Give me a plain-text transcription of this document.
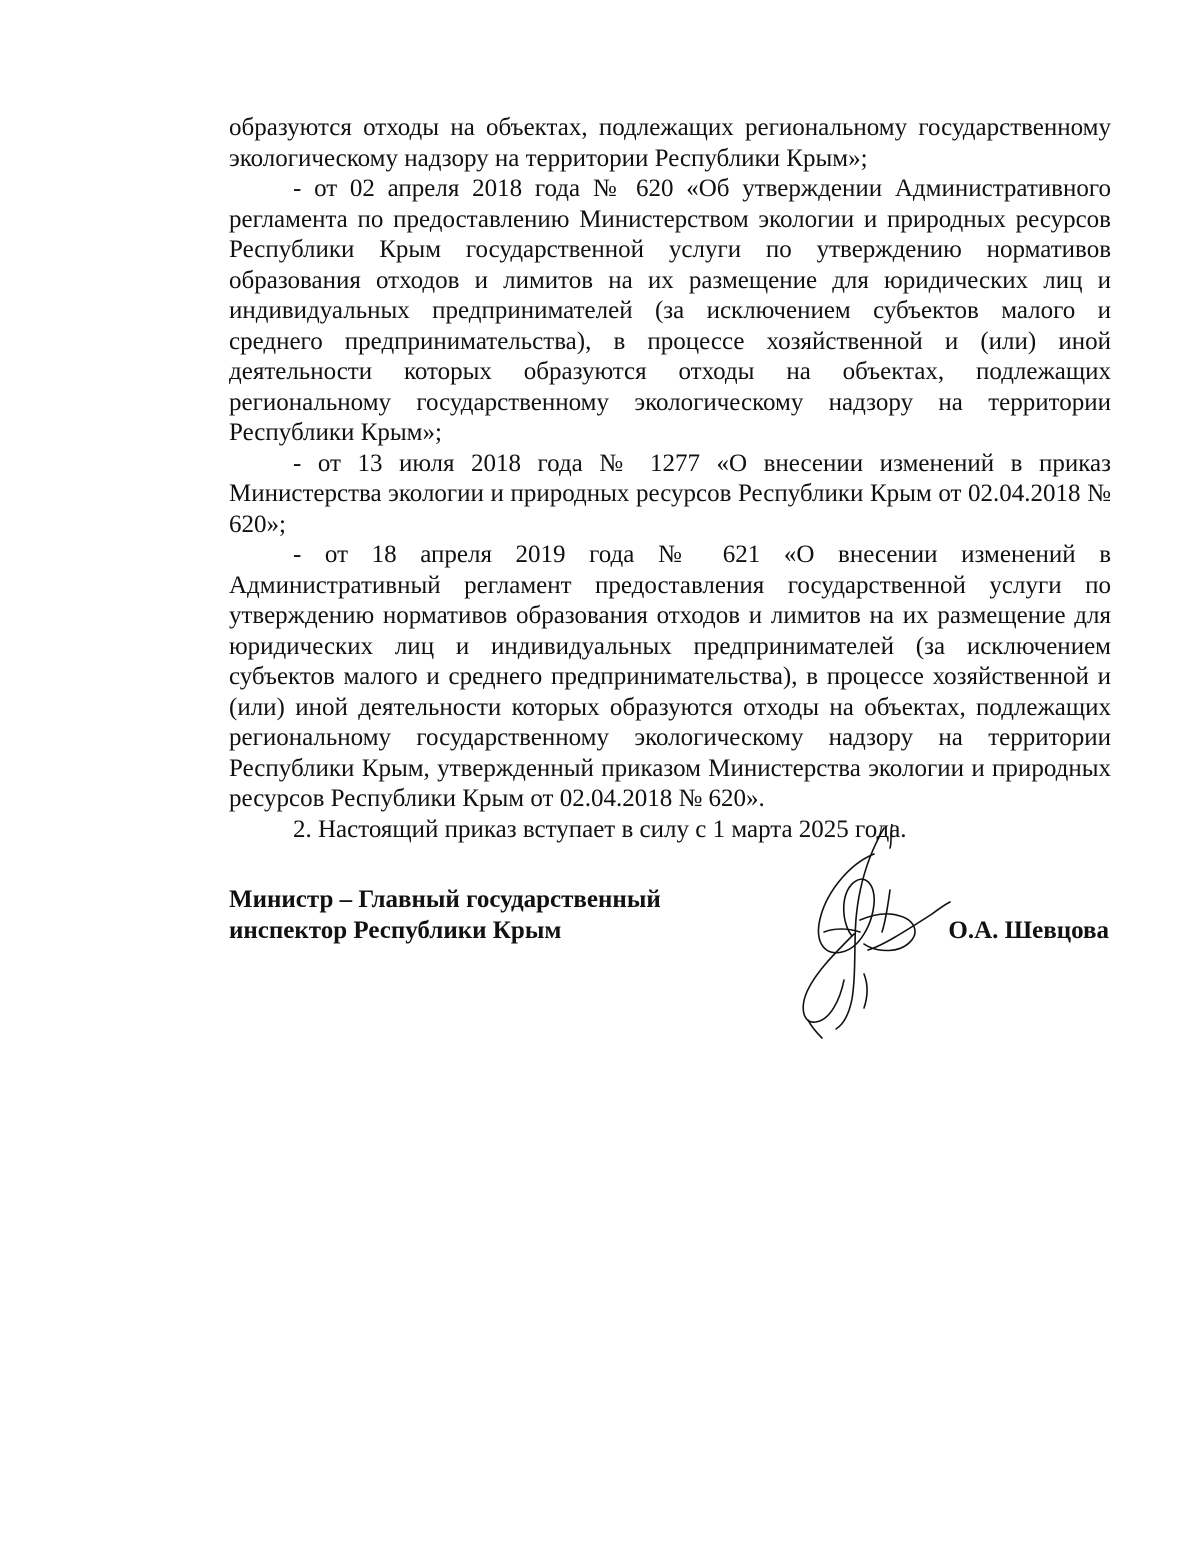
образуются отходы на объектах, подлежащих региональному государственному экологическому надзору на территории Республики Крым»;

- от 02 апреля 2018 года № 620 «Об утверждении Административного регламента по предоставлению Министерством экологии и природных ресурсов Республики Крым государственной услуги по утверждению нормативов образования отходов и лимитов на их размещение для юридических лиц и индивидуальных предпринимателей (за исключением субъектов малого и среднего предпринимательства), в процессе хозяйственной и (или) иной деятельности которых образуются отходы на объектах, подлежащих региональному государственному экологическому надзору на территории Республики Крым»;

- от 13 июля 2018 года № 1277 «О внесении изменений в приказ Министерства экологии и природных ресурсов Республики Крым от 02.04.2018 № 620»;

- от 18 апреля 2019 года № 621 «О внесении изменений в Административный регламент предоставления государственной услуги по утверждению нормативов образования отходов и лимитов на их размещение для юридических лиц и индивидуальных предпринимателей (за исключением субъектов малого и среднего предпринимательства), в процессе хозяйственной и (или) иной деятельности которых образуются отходы на объектах, подлежащих региональному государственному экологическому надзору на территории Республики Крым, утвержденный приказом Министерства экологии и природных ресурсов Республики Крым от 02.04.2018 № 620».

2. Настоящий приказ вступает в силу с 1 марта 2025 года.

Министр – Главный государственный
инспектор Республики Крым	О.А. Шевцова
